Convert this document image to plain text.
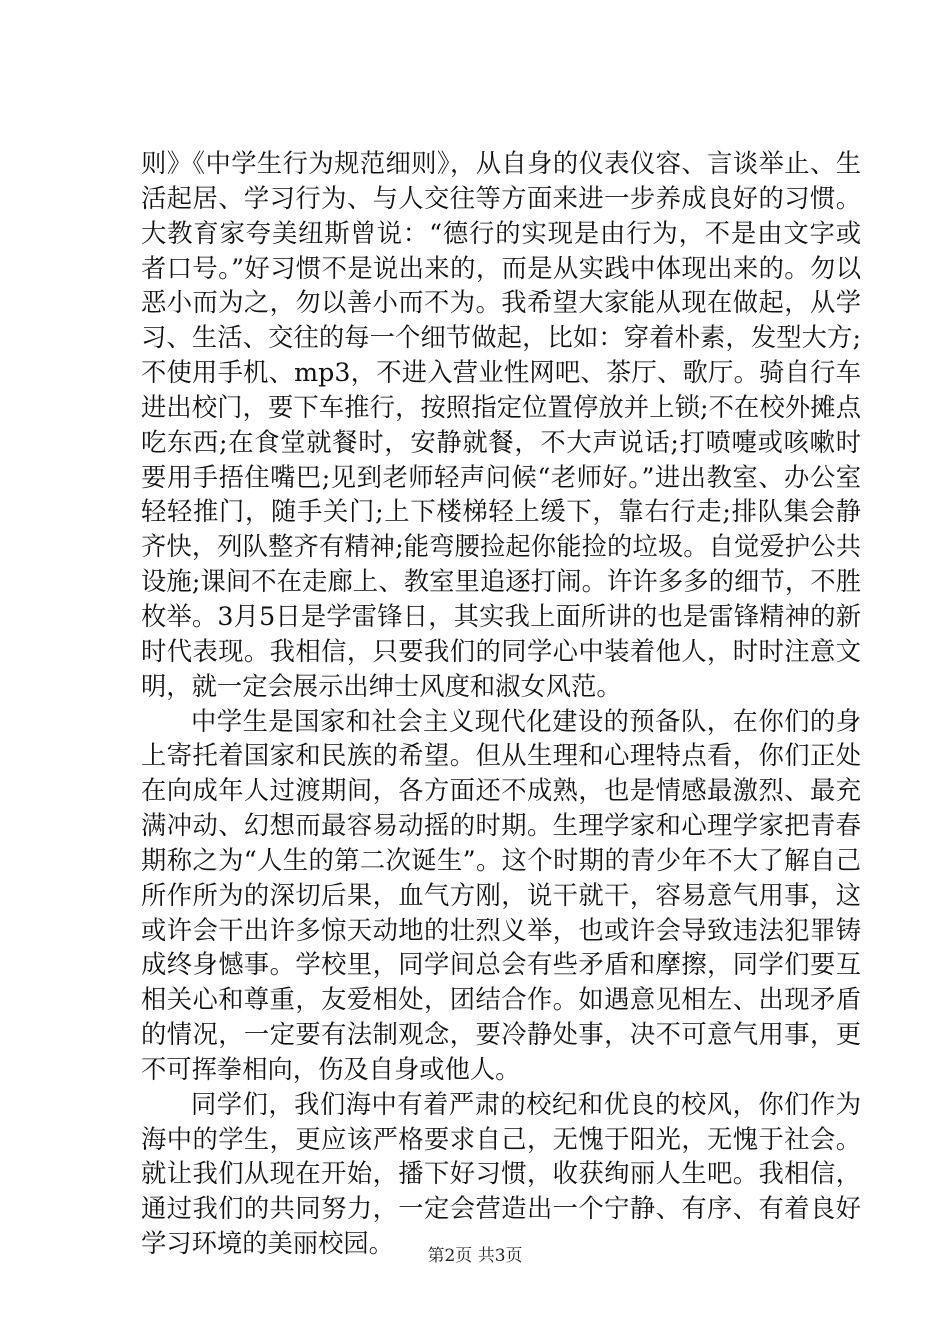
则》《中学生行为规范细则》，从自身的仪表仪容、言谈举止、生活起居、学习行为、与人交往等方面来进一步养成良好的习惯。大教育家夸美纽斯曾说：“德行的实现是由行为，不是由文字或者口号。”好习惯不是说出来的，而是从实践中体现出来的。勿以恶小而为之，勿以善小而不为。我希望大家能从现在做起，从学习、生活、交往的每一个细节做起，比如：穿着朴素，发型大方;不使用手机、mp3，不进入营业性网吧、茶厅、歌厅。骑自行车进出校门，要下车推行，按照指定位置停放并上锁;不在校外摊点吃东西;在食堂就餐时，安静就餐，不大声说话;打喷嚏或咳嗽时要用手捂住嘴巴;见到老师轻声问候“老师好。”进出教室、办公室轻轻推门，随手关门;上下楼梯轻上缓下，靠右行走;排队集会静齐快，列队整齐有精神;能弯腰捡起你能捡的垃圾。自觉爱护公共设施;课间不在走廊上、教室里追逐打闹。许许多多的细节，不胜枚举。3月5日是学雷锋日，其实我上面所讲的也是雷锋精神的新时代表现。我相信，只要我们的同学心中装着他人，时时注意文明，就一定会展示出绅士风度和淑女风范。

中学生是国家和社会主义现代化建设的预备队，在你们的身上寄托着国家和民族的希望。但从生理和心理特点看，你们正处在向成年人过渡期间，各方面还不成熟，也是情感最激烈、最充满冲动、幻想而最容易动摇的时期。生理学家和心理学家把青春期称之为“人生的第二次诞生”。这个时期的青少年不大了解自己所作所为的深切后果，血气方刚，说干就干，容易意气用事，这或许会干出许多惊天动地的壮烈义举，也或许会导致违法犯罪铸成终身憾事。学校里，同学间总会有些矛盾和摩擦，同学们要互相关心和尊重，友爱相处，团结合作。如遇意见相左、出现矛盾的情况，一定要有法制观念，要冷静处事，决不可意气用事，更不可挥拳相向，伤及自身或他人。

同学们，我们海中有着严肃的校纪和优良的校风，你们作为海中的学生，更应该严格要求自己，无愧于阳光，无愧于社会。就让我们从现在开始，播下好习惯，收获绚丽人生吧。我相信，通过我们的共同努力，一定会营造出一个宁静、有序、有着良好学习环境的美丽校园。	第2页 共3页
